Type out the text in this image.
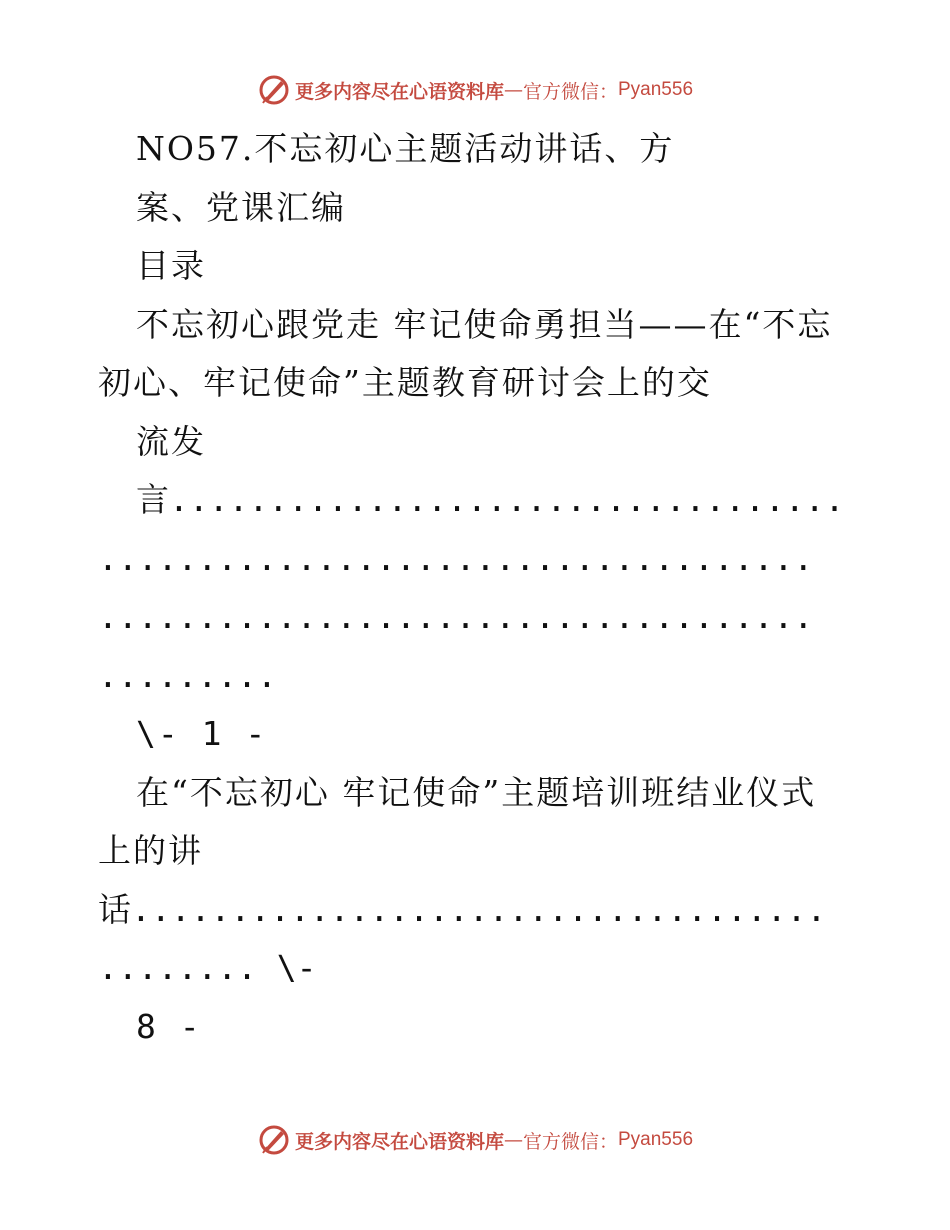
更多内容尽在心语资料库 — 官方微信： Pyan556
NO57.不忘初心主题活动讲话、方
案、党课汇编
目录
不忘初心跟党走 牢记使命勇担当——在“不忘
初心、牢记使命”主题教育研讨会上的交
流发
言..................................
....................................
....................................
.........
\- 1 -
在“不忘初心 牢记使命”主题培训班结业仪式
上的讲
话...................................
........ \-
8 -
更多内容尽在心语资料库 — 官方微信： Pyan556
